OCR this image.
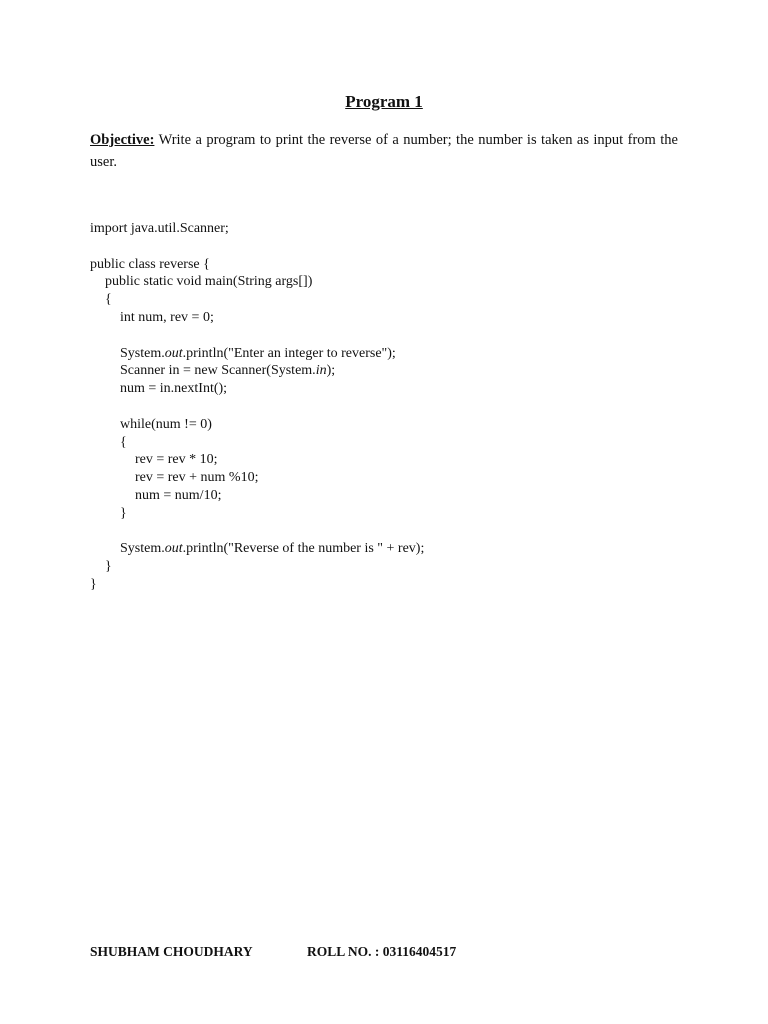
Program 1
Objective: Write a program to print the reverse of a number; the number is taken as input from the user.
import java.util.Scanner;
public class reverse {
public static void main(String args[])
{
int num, rev = 0;
System.out.println("Enter an integer to reverse");
Scanner in = new Scanner(System.in);
num = in.nextInt();
while(num != 0)
{
rev = rev * 10;
rev = rev + num %10;
num = num/10;
}
System.out.println("Reverse of the number is " + rev);
}
}
SHUBHAM CHOUDHARY	ROLL NO. : 03116404517
